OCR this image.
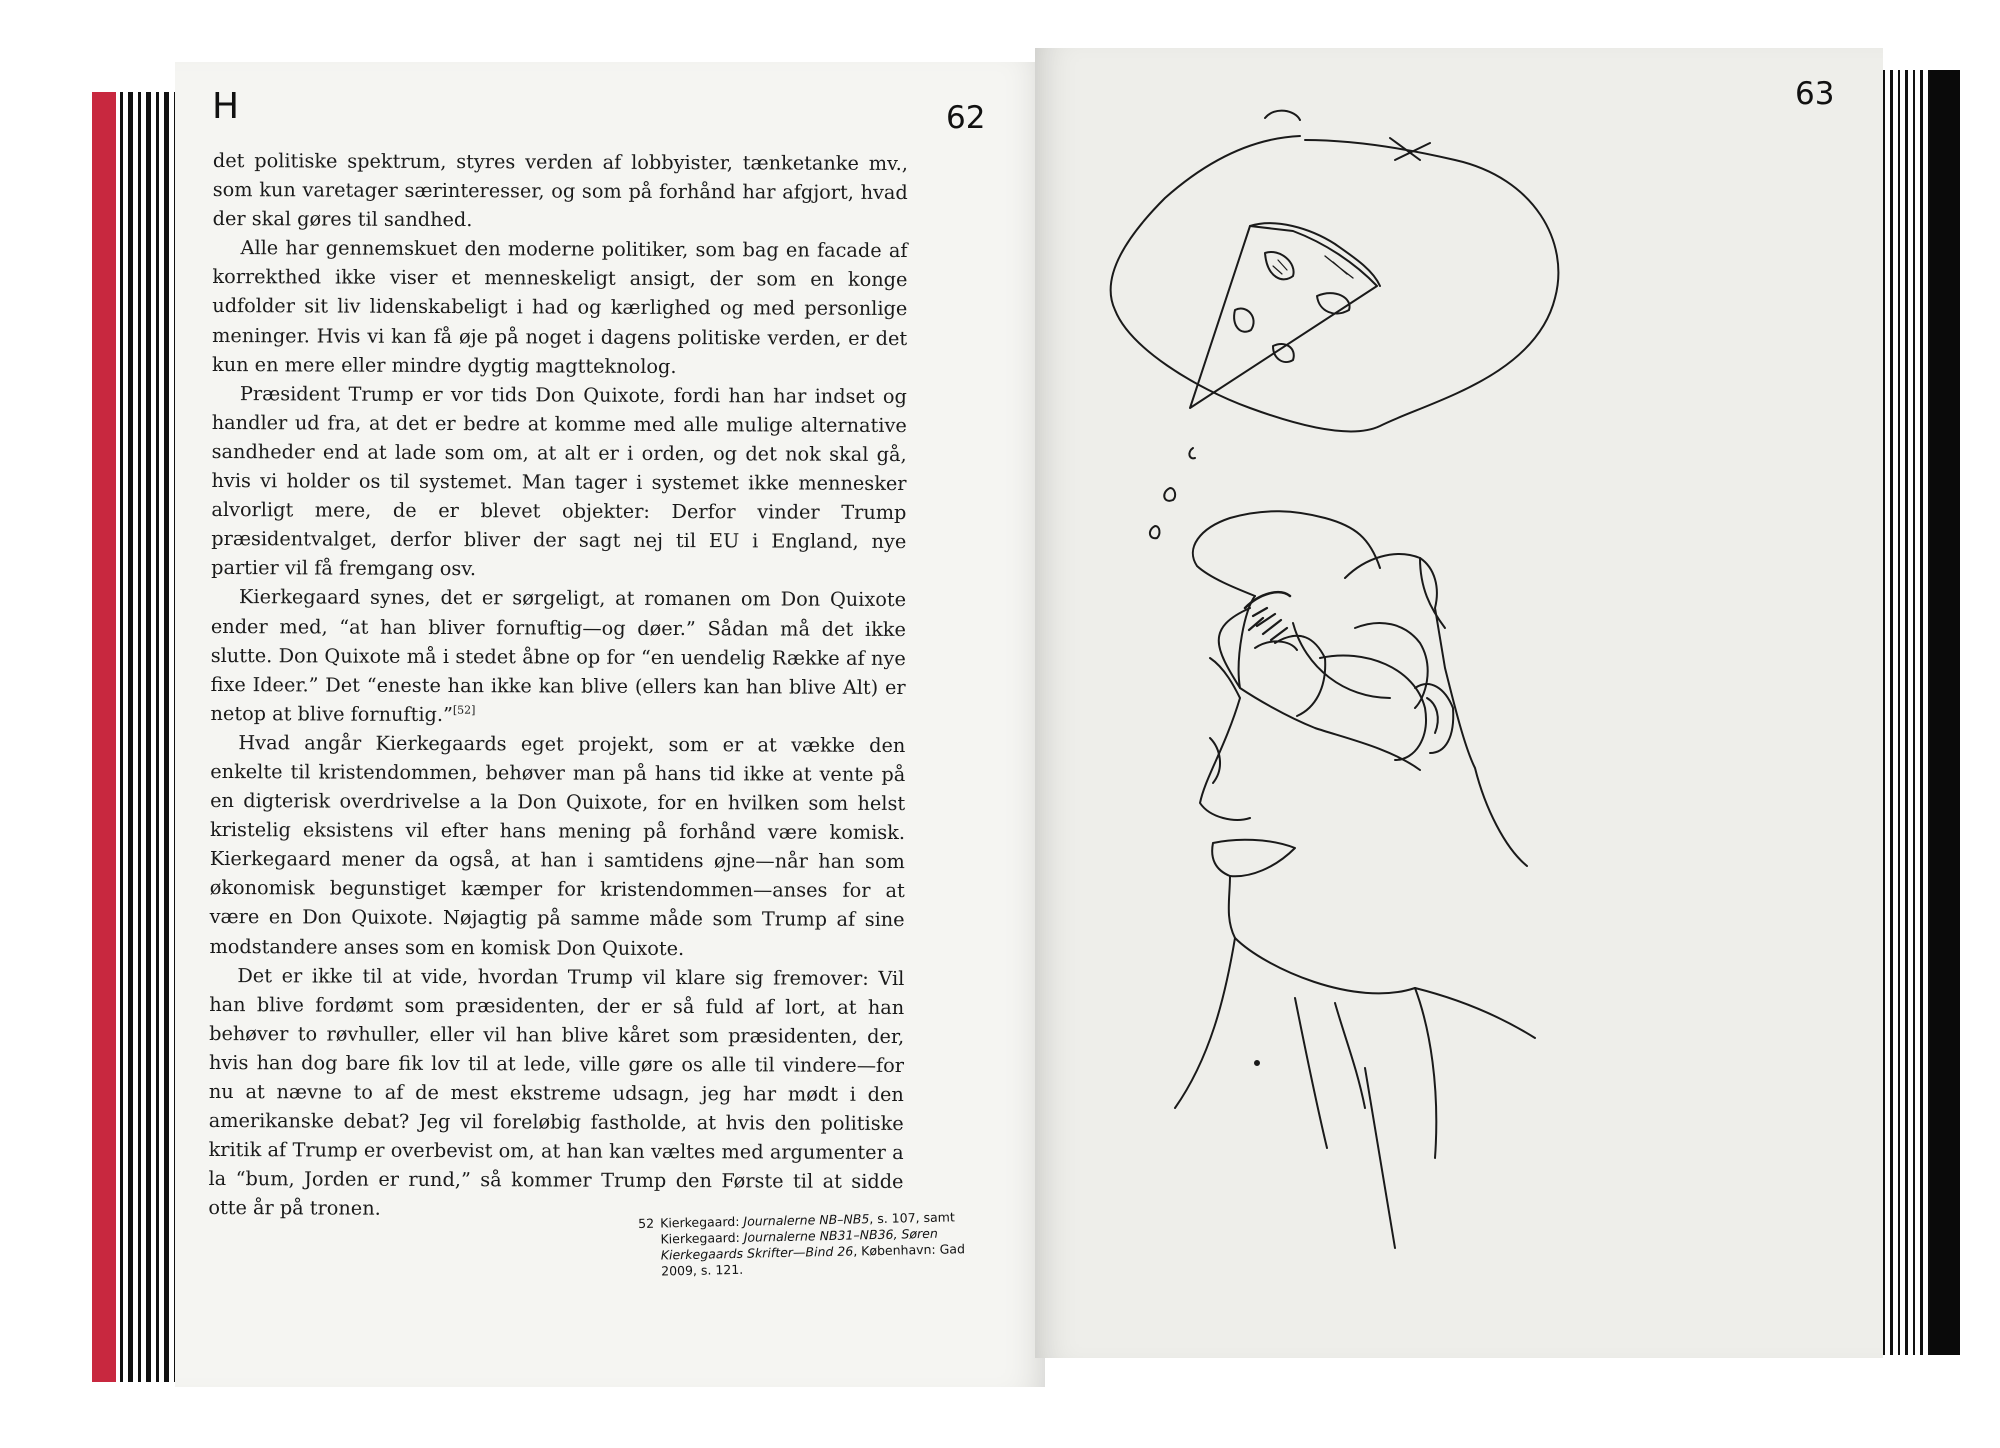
H	62
63

det politiske spektrum, styres verden af lobbyister, tænketanke mv., som kun varetager særinteresser, og som på forhånd har afgjort, hvad der skal gøres til sandhed.

Alle har gennemskuet den moderne politiker, som bag en facade af korrekthed ikke viser et menneskeligt ansigt, der som en konge udfolder sit liv lidenskabeligt i had og kærlighed og med personlige meninger. Hvis vi kan få øje på noget i dagens politiske verden, er det kun en mere eller mindre dygtig magtteknolog.

Præsident Trump er vor tids Don Quixote, fordi han har indset og handler ud fra, at det er bedre at komme med alle mulige alternative sandheder end at lade som om, at alt er i orden, og det nok skal gå, hvis vi holder os til systemet. Man tager i systemet ikke mennesker alvorligt mere, de er blevet objekter: Derfor vinder Trump præsidentvalget, derfor bliver der sagt nej til EU i England, nye partier vil få fremgang osv.

Kierkegaard synes, det er sørgeligt, at romanen om Don Quixote ender med, “at han bliver fornuftig—og døer.” Sådan må det ikke slutte. Don Quixote må i stedet åbne op for “en uendelig Række af nye fixe Ideer.” Det “eneste han ikke kan blive (ellers kan han blive Alt) er netop at blive fornuftig.”[52]

Hvad angår Kierkegaards eget projekt, som er at vække den enkelte til kristendommen, behøver man på hans tid ikke at vente på en digterisk overdrivelse a la Don Quixote, for en hvilken som helst kristelig eksistens vil efter hans mening på forhånd være komisk. Kierkegaard mener da også, at han i samtidens øjne—når han som økonomisk begunstiget kæmper for kristendommen—anses for at være en Don Quixote. Nøjagtig på samme måde som Trump af sine modstandere anses som en komisk Don Quixote.

Det er ikke til at vide, hvordan Trump vil klare sig fremover: Vil han blive fordømt som præsidenten, der er så fuld af lort, at han behøver to røvhuller, eller vil han blive kåret som præsidenten, der, hvis han dog bare fik lov til at lede, ville gøre os alle til vindere—for nu at nævne to af de mest ekstreme udsagn, jeg har mødt i den amerikanske debat? Jeg vil foreløbig fastholde, at hvis den politiske kritik af Trump er overbevist om, at han kan væltes med argumenter a la “bum, Jorden er rund,” så kommer Trump den Første til at sidde otte år på tronen.

52 Kierkegaard: Journalerne NB–NB5, s. 107, samt Kierkegaard: Journalerne NB31–NB36, Søren Kierkegaards Skrifter—Bind 26, København: Gad 2009, s. 121.
